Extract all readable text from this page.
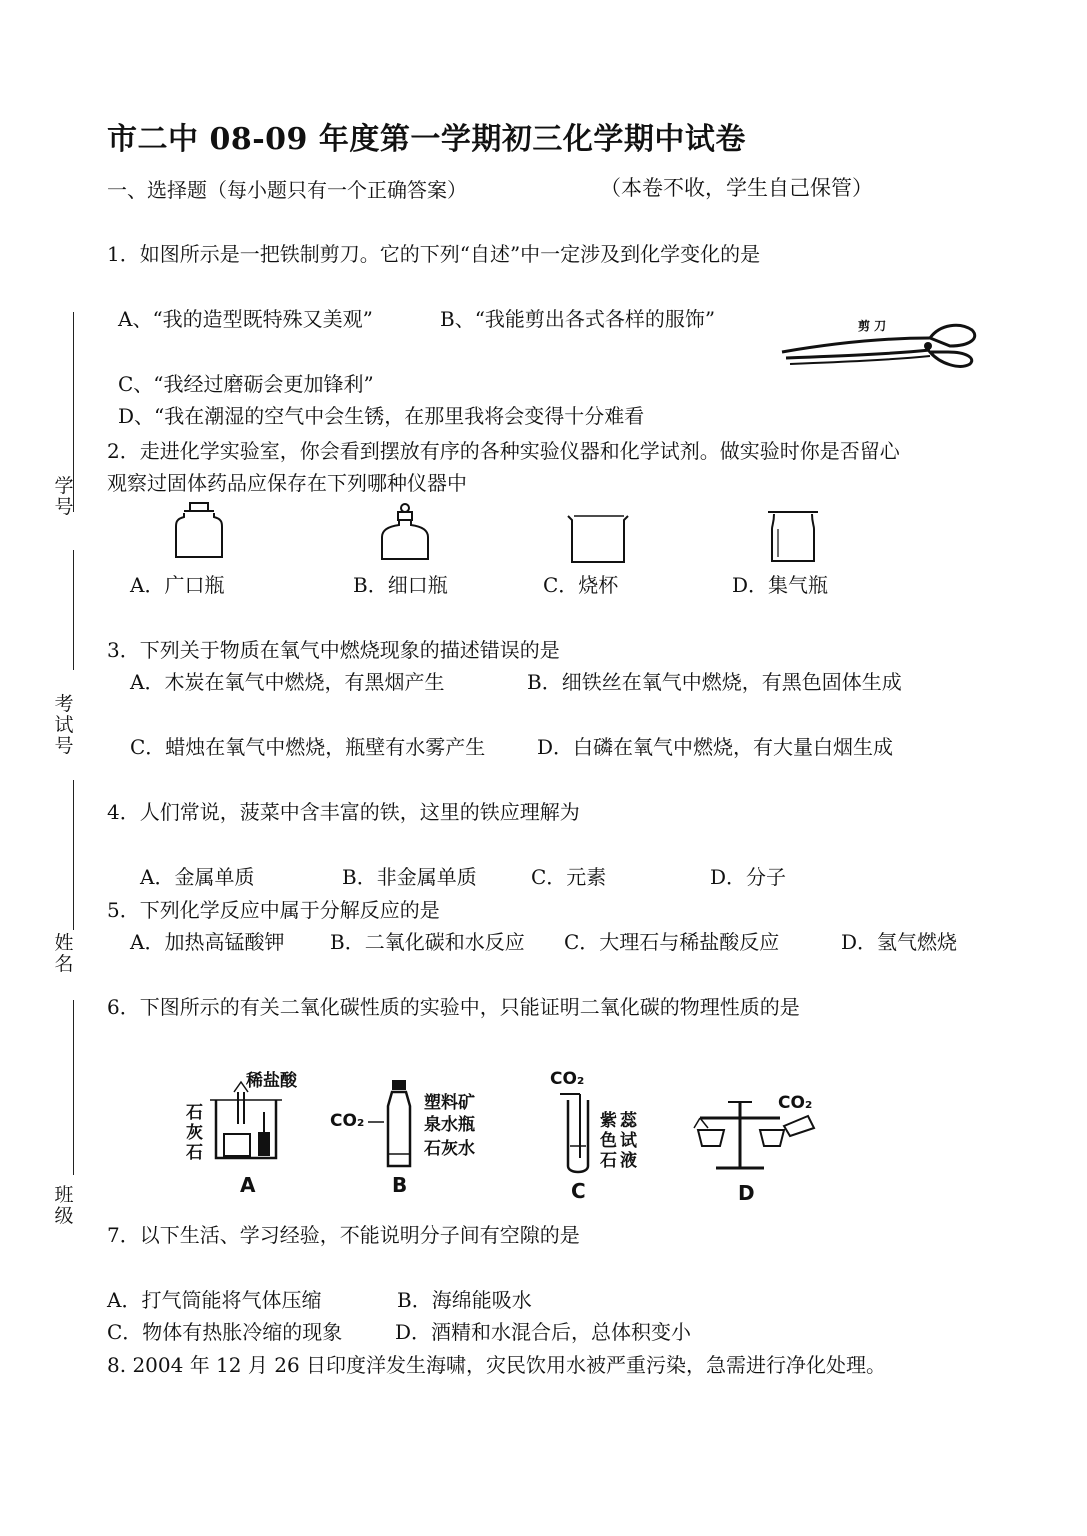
学号
考试号
姓名
班级
市二中 08-09 年度第一学期初三化学期中试卷
一、选择题（每小题只有一个正确答案）	（本卷不收，学生自己保管）
1．如图所示是一把铁制剪刀。它的下列“自述”中一定涉及到化学变化的是
A、“我的造型既特殊又美观”	B、“我能剪出各式各样的服饰”
C、“我经过磨砺会更加锋利”
D、“我在潮湿的空气中会生锈，在那里我将会变得十分难看
剪 刀
2．走进化学实验室，你会看到摆放有序的各种实验仪器和化学试剂。做实验时你是否留心
观察过固体药品应保存在下列哪种仪器中
A．广口瓶	B．细口瓶	C．烧杯	D．集气瓶
3．下列关于物质在氧气中燃烧现象的描述错误的是
A．木炭在氧气中燃烧，有黑烟产生	B．细铁丝在氧气中燃烧，有黑色固体生成
C．蜡烛在氧气中燃烧，瓶壁有水雾产生	D．白磷在氧气中燃烧，有大量白烟生成
4．人们常说，菠菜中含丰富的铁，这里的铁应理解为
A．金属单质	B．非金属单质	C．元素	D．分子
5．下列化学反应中属于分解反应的是
A．加热高锰酸钾 B．二氧化碳和水反应 C．大理石与稀盐酸反应	D．氢气燃烧
6．下图所示的有关二氧化碳性质的实验中，只能证明二氧化碳的物理性质的是
稀盐酸
石
灰
石
A
CO₂
塑料矿
泉水瓶
石灰水
B
CO₂
紫
色
石
蕊
试
液
C
CO₂
D
7．以下生活、学习经验，不能说明分子间有空隙的是
A．打气筒能将气体压缩	B．海绵能吸水
C．物体有热胀冷缩的现象	D．酒精和水混合后，总体积变小
8. 2004 年 12 月 26 日印度洋发生海啸，灾民饮用水被严重污染，急需进行净化处理。
